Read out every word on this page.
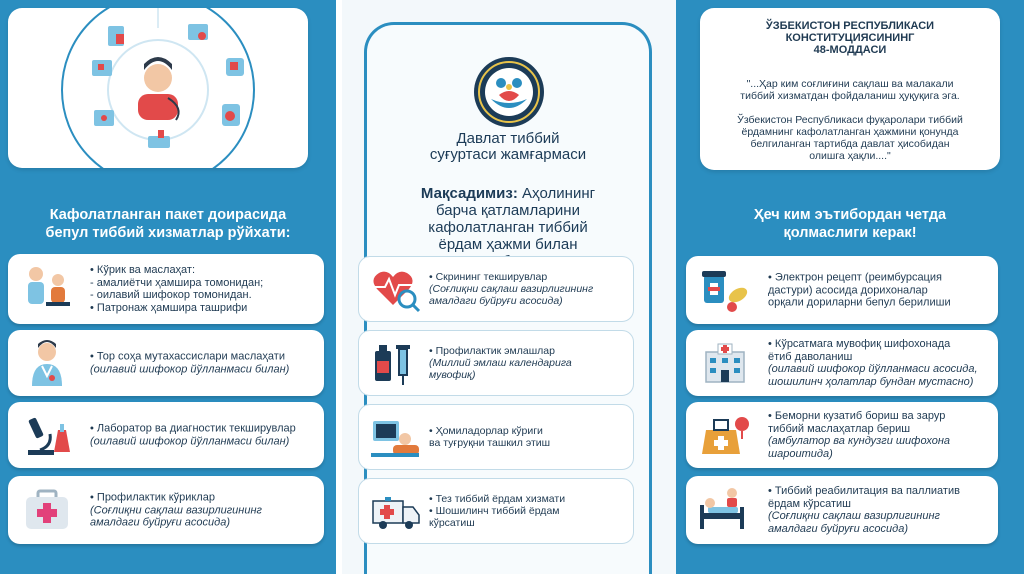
Кафолатланган пакет доирасида
бепул тиббий хизматлар рўйхати:
• Кўрик ва маслаҳат:
- амалиётчи ҳамшира томонидан;
- оилавий шифокор томонидан.
• Патронаж ҳамшира ташрифи
• Тор соҳа мутахассислари маслаҳати
(оилавий шифокор йўлланмаси билан)
• Лаборатор ва диагностик текширувлар
(оилавий шифокор йўлланмаси билан)
• Профилактик кўриклар
(Соғлиқни сақлаш вазирлигининг
амалдаги буйруғи асосида)
Давлат тиббий
суғуртаси жамғармаси
Мақсадимиз: Аҳолининг
барча қатламларини
кафолатланган тиббий
ёрдам ҳажми билан
• Скрининг текширувлар
(Соғлиқни сақлаш вазирлигининг
амалдаги буйруғи асосида)
• Профилактик эмлашлар
(Миллий эмлаш календарига
мувофиқ)
• Ҳомиладорлар кўриги
ва туғруқни ташкил этиш
• Тез тиббий ёрдам хизмати
• Шошилинч тиббий ёрдам
кўрсатиш
ЎЗБЕКИСТОН РЕСПУБЛИКАСИ
КОНСТИТУЦИЯСИНИНГ
48-МОДДАСИ
"...Ҳар ким соғлиғини сақлаш ва малакали
тиббий хизматдан фойдаланиш ҳуқуқига эга.
Ўзбекистон Республикаси фуқаролари тиббий
ёрдамнинг кафолатланган ҳажмини қонунда
белгиланган тартибда давлат ҳисобидан
олишга ҳақли...."
Ҳеч ким эътибордан четда
қолмаслиги керак!
• Электрон рецепт (реимбурсация
дастури) асосида дорихоналар
орқали дориларни бепул берилиши
• Кўрсатмага мувофиқ шифохонада
ётиб даволаниш
(оилавий шифокор йўлланмаси асосида,
шошилинч ҳолатлар бундан мустасно)
• Беморни кузатиб бориш ва зарур
тиббий маслаҳатлар бериш
(амбулатор ва кундузги шифохона
шароитида)
• Тиббий реабилитация ва паллиатив
ёрдам кўрсатиш
(Соғлиқни сақлаш вазирлигининг
амалдаги буйруғи асосида)
